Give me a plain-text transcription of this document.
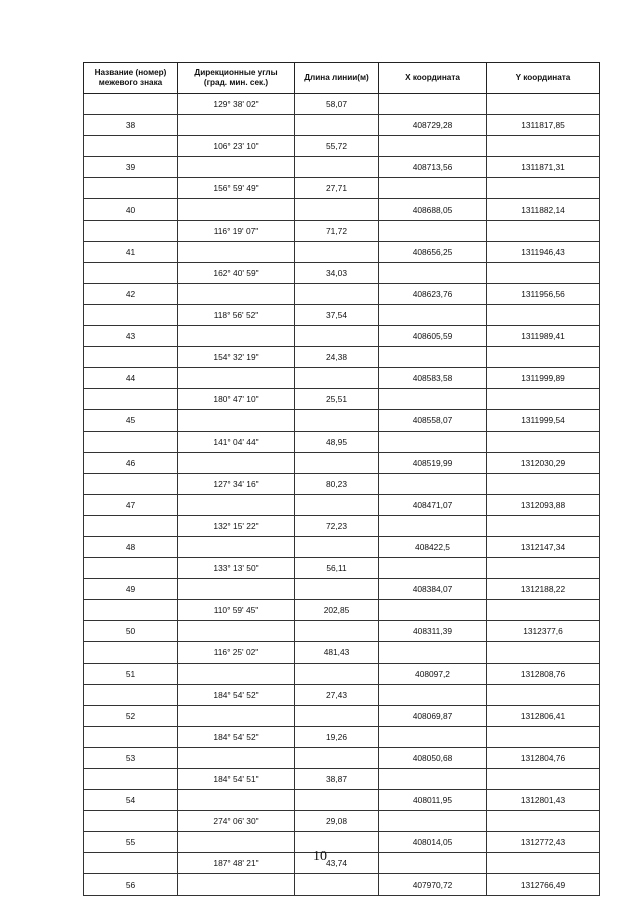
Название (номер)
межевого знака	Дирекционные углы
(град. мин. сек.)	Длина линии(м)	X координата	Y координата
	129° 38' 02"	58,07		
38			408729,28	1311817,85
	106° 23' 10"	55,72		
39			408713,56	1311871,31
	156° 59' 49"	27,71		
40			408688,05	1311882,14
	116° 19' 07"	71,72		
41			408656,25	1311946,43
	162° 40' 59"	34,03		
42			408623,76	1311956,56
	118° 56' 52"	37,54		
43			408605,59	1311989,41
	154° 32' 19"	24,38		
44			408583,58	1311999,89
	180° 47' 10"	25,51		
45			408558,07	1311999,54
	141° 04' 44"	48,95		
46			408519,99	1312030,29
	127° 34' 16"	80,23		
47			408471,07	1312093,88
	132° 15' 22"	72,23		
48			408422,5	1312147,34
	133° 13' 50"	56,11		
49			408384,07	1312188,22
	110° 59' 45"	202,85		
50			408311,39	1312377,6
	116° 25' 02"	481,43		
51			408097,2	1312808,76
	184° 54' 52"	27,43		
52			408069,87	1312806,41
	184° 54' 52"	19,26		
53			408050,68	1312804,76
	184° 54' 51"	38,87		
54			408011,95	1312801,43
	274° 06' 30"	29,08		
55			408014,05	1312772,43
	187° 48' 21"	43,74		
56			407970,72	1312766,49
10
